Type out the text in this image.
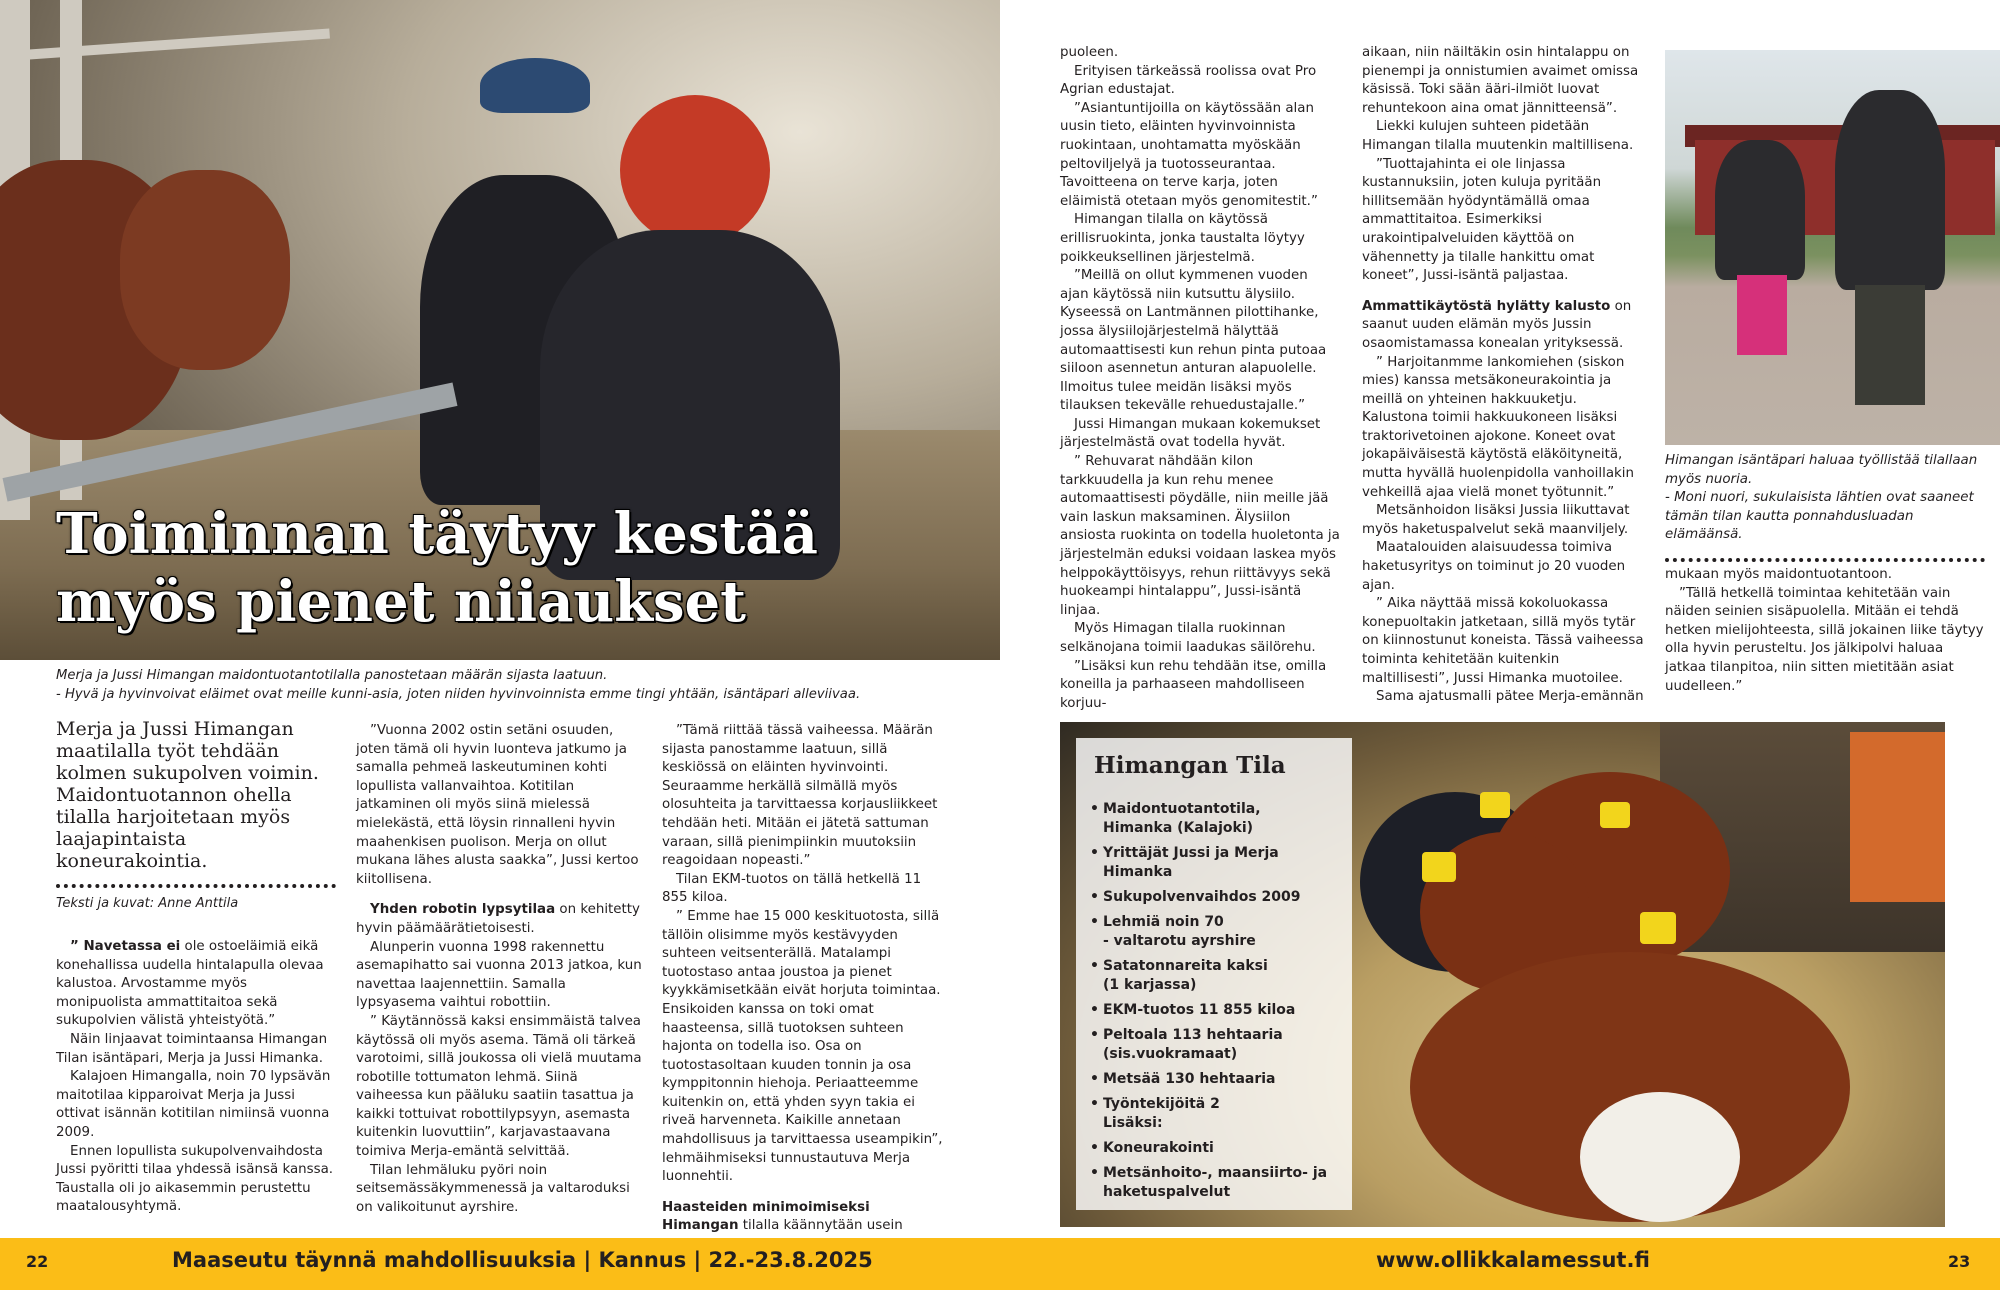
Toiminnan täytyy kestää
myös pienet niiaukset
Merja ja Jussi Himangan maidontuotantotilalla panostetaan määrän sijasta laatuun.
- Hyvä ja hyvinvoivat eläimet ovat meille kunni-asia, joten niiden hyvinvoinnista emme tingi yhtään, isäntäpari alleviivaa.
Merja ja Jussi Himangan maatilalla työt tehdään kolmen sukupolven voimin. Maidontuotannon ohella tilalla harjoitetaan myös laajapintaista koneurakointia.
Teksti ja kuvat: Anne Anttila

” Navetassa ei ole ostoeläimiä eikä konehallissa uudella hintalapulla olevaa kalustoa. Arvostamme myös monipuolista ammattitaitoa sekä sukupolvien välistä yhteistyötä.”

Näin linjaavat toimintaansa Himangan Tilan isäntäpari, Merja ja Jussi Himanka.

Kalajoen Himangalla, noin 70 lypsävän maitotilaa kipparoivat Merja ja Jussi ottivat isännän kotitilan nimiinsä vuonna 2009.

Ennen lopullista sukupolvenvaihdosta Jussi pyöritti tilaa yhdessä isänsä kanssa. Taustalla oli jo aikasemmin perustettu maatalousyhtymä.

”Vuonna 2002 ostin setäni osuuden, joten tämä oli hyvin luonteva jatkumo ja samalla pehmeä laskeutuminen kohti lopullista vallanvaihtoa. Kotitilan jatkaminen oli myös siinä mielessä mielekästä, että löysin rinnalleni hyvin maahenkisen puolison. Merja on ollut mukana lähes alusta saakka”, Jussi kertoo kiitollisena.

Yhden robotin lypsytilaa on kehitetty hyvin päämäärätietoisesti.

Alunperin vuonna 1998 rakennettu asemapihatto sai vuonna 2013 jatkoa, kun navettaa laajennettiin. Samalla lypsyasema vaihtui robottiin.

” Käytännössä kaksi ensimmäistä talvea käytössä oli myös asema. Tämä oli tärkeä varotoimi, sillä joukossa oli vielä muutama robotille tottumaton lehmä. Siinä vaiheessa kun pääluku saatiin tasattua ja kaikki tottuivat robottilypsyyn, asemasta kuitenkin luovuttiin”, karjavastaavana toimiva Merja-emäntä selvittää.

Tilan lehmäluku pyöri noin seitsemässäkymmenessä ja valtaroduksi on valikoitunut ayrshire.

”Tämä riittää tässä vaiheessa. Määrän sijasta panostamme laatuun, sillä keskiössä on eläinten hyvinvointi. Seuraamme herkällä silmällä myös olosuhteita ja tarvittaessa korjausliikkeet tehdään heti. Mitään ei jätetä sattuman varaan, sillä pienimpiinkin muutoksiin reagoidaan nopeasti.”

Tilan EKM-tuotos on tällä hetkellä 11 855 kiloa.

” Emme hae 15 000 keskituotosta, sillä tällöin olisimme myös kestävyyden suhteen veitsenterällä. Matalampi tuotostaso antaa joustoa ja pienet kyykkämisetkään eivät horjuta toimintaa. Ensikoiden kanssa on toki omat haasteensa, sillä tuotoksen suhteen hajonta on todella iso. Osa on tuotostasoltaan kuuden tonnin ja osa kymppitonnin hiehoja. Periaatteemme kuitenkin on, että yhden syyn takia ei riveä harvenneta. Kaikille annetaan mahdollisuus ja tarvittaessa useampikin”, lehmäihmiseksi tunnustautuva Merja luonnehtii.

Haasteiden minimoimiseksi Himangan tilalla käännytään usein

puoleen.

Erityisen tärkeässä roolissa ovat Pro Agrian edustajat.

”Asiantuntijoilla on käytössään alan uusin tieto, eläinten hyvinvoinnista ruokintaan, unohtamatta myöskään peltoviljelyä ja tuotosseurantaa. Tavoitteena on terve karja, joten eläimistä otetaan myös genomitestit.”

Himangan tilalla on käytössä erillisruokinta, jonka taustalta löytyy poikkeuksellinen järjestelmä.

”Meillä on ollut kymmenen vuoden ajan käytössä niin kutsuttu älysiilo. Kyseessä on Lantmännen pilottihanke, jossa älysiilojärjestelmä hälyttää automaattisesti kun rehun pinta putoaa siiloon asennetun anturan alapuolelle. Ilmoitus tulee meidän lisäksi myös tilauksen tekevälle rehuedustajalle.”

Jussi Himangan mukaan kokemukset järjestelmästä ovat todella hyvät.

” Rehuvarat nähdään kilon tarkkuudella ja kun rehu menee automaattisesti pöydälle, niin meille jää vain laskun maksaminen. Älysiilon ansiosta ruokinta on todella huoletonta ja järjestelmän eduksi voidaan laskea myös helppokäyttöisyys, rehun riittävyys sekä huokeampi hintalappu”, Jussi-isäntä linjaa.

Myös Himagan tilalla ruokinnan selkänojana toimii laadukas säilörehu.

”Lisäksi kun rehu tehdään itse, omilla koneilla ja parhaaseen mahdolliseen korjuu-

aikaan, niin näiltäkin osin hintalappu on pienempi ja onnistumien avaimet omissa käsissä. Toki sään ääri-ilmiöt luovat rehuntekoon aina omat jännitteensä”.

Liekki kulujen suhteen pidetään Himangan tilalla muutenkin maltillisena.

”Tuottajahinta ei ole linjassa kustannuksiin, joten kuluja pyritään hillitsemään hyödyntämällä omaa ammattitaitoa. Esimerkiksi urakointipalveluiden käyttöä on vähennetty ja tilalle hankittu omat koneet”, Jussi-isäntä paljastaa.

Ammattikäytöstä hylätty kalusto on saanut uuden elämän myös Jussin osaomistamassa konealan yrityksessä.

” Harjoitanmme lankomiehen (siskon mies) kanssa metsäkoneurakointia ja meillä on yhteinen hakkuuketju. Kalustona toimii hakkuukoneen lisäksi traktorivetoinen ajokone. Koneet ovat jokapäiväisestä käytöstä eläköityneitä, mutta hyvällä huolenpidolla vanhoillakin vehkeillä ajaa vielä monet työtunnit.”

Metsänhoidon lisäksi Jussia liikuttavat myös haketuspalvelut sekä maanviljely.

Maatalouiden alaisuudessa toimiva haketusyritys on toiminut jo 20 vuoden ajan.

” Aika näyttää missä kokoluokassa konepuoltakin jatketaan, sillä myös tytär on kiinnostunut koneista. Tässä vaiheessa toiminta kehitetään kuitenkin maltillisesti”, Jussi Himanka muotoilee.

Sama ajatusmalli pätee Merja-emännän

Himangan isäntäpari haluaa työllistää tilallaan myös nuoria.
- Moni nuori, sukulaisista lähtien ovat saaneet tämän tilan kautta ponnahdusluadan elämäänsä.

mukaan myös maidontuotantoon.

”Tällä hetkellä toimintaa kehitetään vain näiden seinien sisäpuolella. Mitään ei tehdä hetken mielijohteesta, sillä jokainen liike täytyy olla hyvin perusteltu. Jos jälkipolvi haluaa jatkaa tilanpitoa, niin sitten mietitään asiat uudelleen.”

Himangan Tila
• Maidontuotantotila,
Himanka (Kalajoki)
• Yrittäjät Jussi ja Merja Himanka
• Sukupolvenvaihdos 2009
• Lehmiä noin 70
- valtarotu ayrshire
• Satatonnareita kaksi
(1 karjassa)
• EKM-tuotos 11 855 kiloa
• Peltoala 113 hehtaaria
(sis.vuokramaat)
• Metsää 130 hehtaaria
• Työntekijöitä 2
Lisäksi:
• Koneurakointi
• Metsänhoito-, maansiirto- ja
haketuspalvelut
22	Maaseutu täynnä mahdollisuuksia | Kannus | 22.-23.8.2025	www.ollikkalamessut.fi	23
